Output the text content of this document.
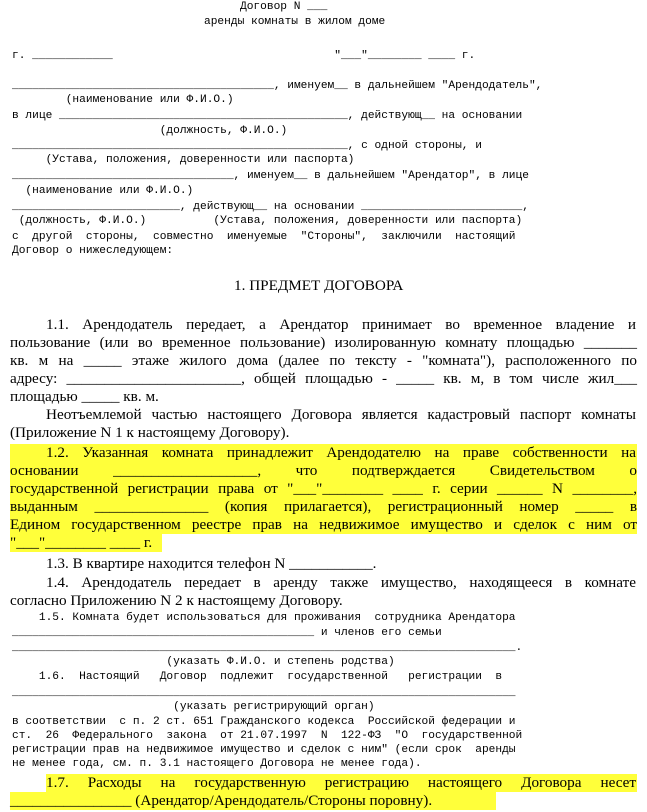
Договор N ___
аренды комнаты в жилом доме
г. ____________                                 "___"________ ____ г.
_______________________________________, именуем__ в дальнейшем "Арендодатель",
(наименование или Ф.И.О.)
в лице ___________________________________________, действующ__ на основании
(должность, Ф.И.О.)
__________________________________________________, с одной стороны, и
(Устава, положения, доверенности или паспорта)
_________________________________, именуем__ в дальнейшем "Арендатор", в лице
(наименование или Ф.И.О.)
_________________________, действующ__ на основании ________________________,
(должность, Ф.И.О.)          (Устава, положения, доверенности или паспорта)
с  другой  стороны,  совместно  именуемые  "Стороны",  заключили  настоящий
Договор о нижеследующем:
1. ПРЕДМЕТ ДОГОВОРА
1.1. Арендодатель передает, а Арендатор принимает во временное владение и
пользование (или во временное пользование) изолированную комнату площадью _______
кв. м на _____ этаже жилого дома (далее по тексту - "комната"), расположенного по
адресу: _______________________, общей площадью - _____ кв. м, в том числе жил___
площадью _____ кв. м.
Неотъемлемой частью настоящего Договора является кадастровый паспорт комнаты
(Приложение N 1 к настоящему Договору).
1.2. Указанная комната принадлежит Арендодателю на праве собственности на
основании ___________________, что подтверждается Свидетельством о
государственной регистрации права от "___"________ ____ г. серии ______ N ________,
выданным _______________ (копия прилагается), регистрационный номер _____ в
Едином государственном реестре прав на недвижимое имущество и сделок с ним от
"___"________ ____ г.
1.3. В квартире находится телефон N ___________.
1.4. Арендодатель передает в аренду также имущество, находящееся в комнате
согласно Приложению N 2 к настоящему Договору.
1.5. Комната будет использоваться для проживания  сотрудника Арендатора
_____________________________________________ и членов его семьи
___________________________________________________________________________.
(указать Ф.И.О. и степень родства)
1.6.  Настоящий   Договор  подлежит  государственной   регистрации  в
___________________________________________________________________________
(указать регистрирующий орган)
в соответствии  с п. 2 ст. 651 Гражданского кодекса  Российской федерации и
ст.  26  Федерального  закона  от 21.07.1997  N  122-ФЗ  "О  государственной
регистрации прав на недвижимое имущество и сделок с ним" (если срок  аренды
не менее года, см. п. 3.1 настоящего Договора не менее года).
1.7. Расходы на государственную регистрацию настоящего Договора несет
________________ (Арендатор/Арендодатель/Стороны поровну).
